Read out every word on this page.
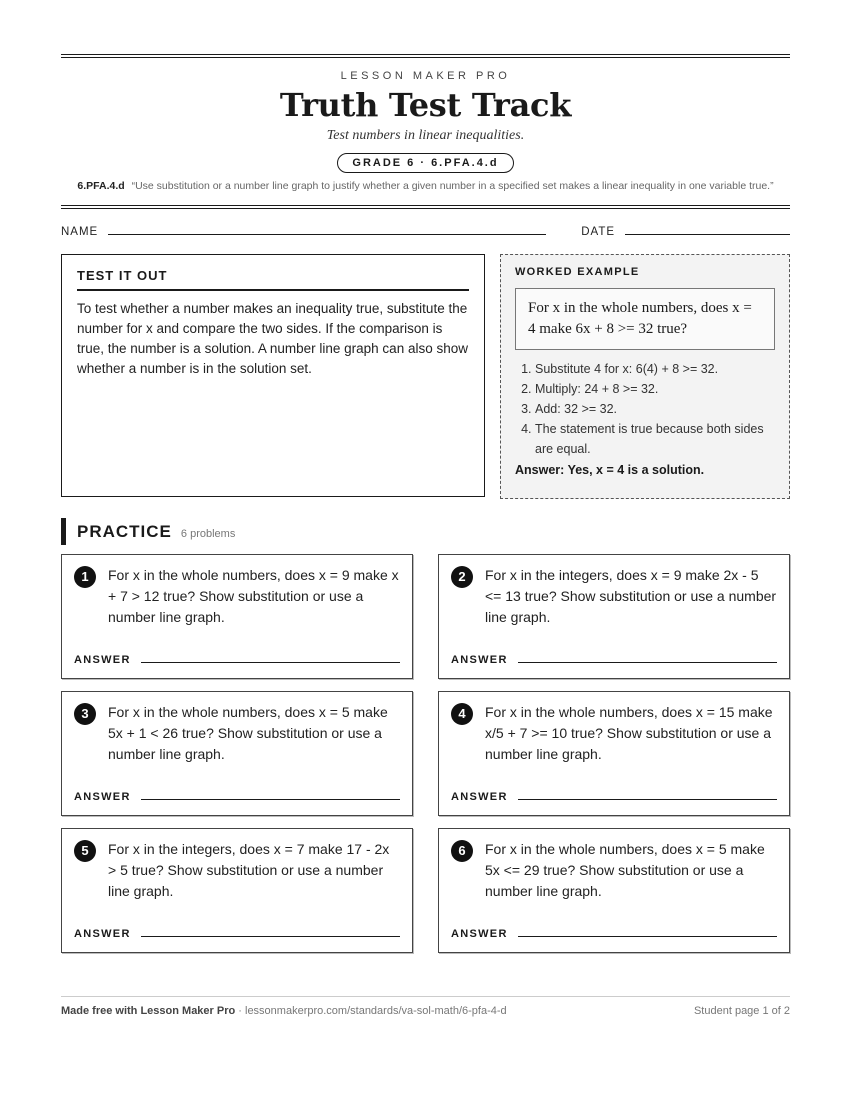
LESSON MAKER PRO
Truth Test Track
Test numbers in linear inequalities.
GRADE 6 · 6.PFA.4.d
6.PFA.4.d “Use substitution or a number line graph to justify whether a given number in a specified set makes a linear inequality in one variable true.”
NAME	DATE
TEST IT OUT
To test whether a number makes an inequality true, substitute the number for x and compare the two sides. If the comparison is true, the number is a solution. A number line graph can also show whether a number is in the solution set.
WORKED EXAMPLE
For x in the whole numbers, does x = 4 make 6x + 8 >= 32 true?
1. Substitute 4 for x: 6(4) + 8 >= 32.
2. Multiply: 24 + 8 >= 32.
3. Add: 32 >= 32.
4. The statement is true because both sides are equal.
Answer: Yes, x = 4 is a solution.
PRACTICE 6 problems
1	For x in the whole numbers, does x = 9 make x + 7 > 12 true? Show substitution or use a number line graph.
ANSWER
2	For x in the integers, does x = 9 make 2x - 5 <= 13 true? Show substitution or use a number line graph.
ANSWER
3	For x in the whole numbers, does x = 5 make 5x + 1 < 26 true? Show substitution or use a number line graph.
ANSWER
4	For x in the whole numbers, does x = 15 make x/5 + 7 >= 10 true? Show substitution or use a number line graph.
ANSWER
5	For x in the integers, does x = 7 make 17 - 2x > 5 true? Show substitution or use a number line graph.
ANSWER
6	For x in the whole numbers, does x = 5 make 5x <= 29 true? Show substitution or use a number line graph.
ANSWER
Made free with Lesson Maker Pro · lessonmakerpro.com/standards/va-sol-math/6-pfa-4-d	Student page 1 of 2
